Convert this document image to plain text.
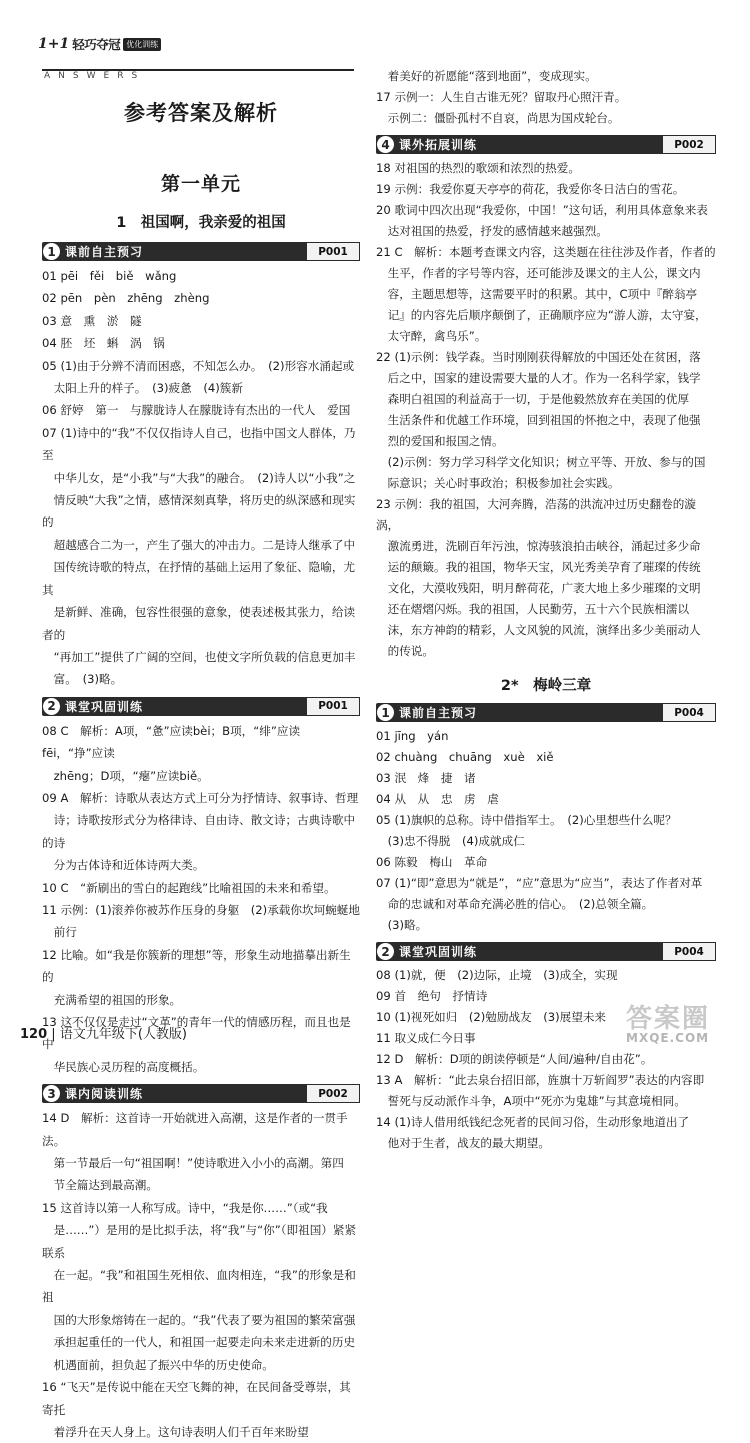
1+1 轻巧夺冠 优化训练
ANSWERS
参考答案及解析
第一单元
1　祖国啊，我亲爱的祖国
1 课前自主预习	P001
01 pēi　fěi　biě　wǎng
02 pēn　pèn　zhēng　zhèng
03 意　熏　淤　隧
04 胚　坯　蝌　涡　锅
05 (1)由于分辨不清而困惑，不知怎么办。　(2)形容水涌起或
　太阳上升的样子。　(3)疲惫　(4)簇新
06 舒婷　第一　与朦胧诗人在朦胧诗有杰出的一代人　爱国
07 (1)诗中的“我”不仅仅指诗人自己，也指中国文人群体，乃至
　中华儿女，是“小我”与“大我”的融合。　(2)诗人以“小我”之
　情反映“大我”之情，感情深刻真挚，将历史的纵深感和现实的
　超越感合二为一，产生了强大的冲击力。二是诗人继承了中
　国传统诗歌的特点，在抒情的基础上运用了象征、隐喻，尤其
　是新鲜、准确，包容性很强的意象，使表述极其张力，给读者的
　“再加工”提供了广阔的空间，也使文字所负载的信息更加丰
　富。　(3)略。
2 课堂巩固训练	P001
08 C　解析：A项，“惫”应读bèi；B项，“绯”应读fēi，“挣”应读
　zhēng；D项，“瘪”应读biě。
09 A　解析：诗歌从表达方式上可分为抒情诗、叙事诗、哲理
　诗；诗歌按形式分为格律诗、自由诗、散文诗；古典诗歌中的诗
　分为古体诗和近体诗两大类。
10 C　“新刷出的雪白的起跑线”比喻祖国的未来和希望。
11 示例：(1)滚养你被苏作压身的身躯　(2)承载你坎坷蜿蜒地
　前行
12 比喻。如“我是你簇新的理想”等，形象生动地描摹出新生的
　充满希望的祖国的形象。
13 这不仅仅是走过“文革”的青年一代的情感历程，而且也是中
　华民族心灵历程的高度概括。
3 课内阅读训练	P002
14 D　解析：这首诗一开始就进入高潮，这是作者的一贯手法。
　第一节最后一句“祖国啊！”使诗歌进入小小的高潮。第四
　节全篇达到最高潮。
15 这首诗以第一人称写成。诗中，“我是你……”（或“我
　是……”）是用的是比拟手法，将“我”与“你”（即祖国）紧紧联系
　在一起。“我”和祖国生死相依、血肉相连，“我”的形象是和祖
　国的大形象熔铸在一起的。“我”代表了要为祖国的繁荣富强
　承担起重任的一代人，和祖国一起要走向未来走进新的历史
　机遇面前，担负起了振兴中华的历史使命。
16 “飞天”是传说中能在天空飞舞的神，在民间备受尊崇，其寄托
　着浮升在天人身上。这句诗表明人们千百年来盼望
　着美好的祈愿能“落到地面”，变成现实。
17 示例一：人生自古谁无死？留取丹心照汗青。
　示例二：僵卧孤村不自哀，尚思为国戍轮台。
4 课外拓展训练	P002
18 对祖国的热烈的歌颂和浓烈的热爱。
19 示例：我爱你夏天亭亭的荷花，我爱你冬日洁白的雪花。
20 歌词中四次出现“我爱你，中国！”这句话，利用具体意象来表
　达对祖国的热爱，抒发的感情越来越强烈。
21 C　解析：本题考查课文内容，这类题在往往涉及作者，作者的
　生平，作者的字号等内容，还可能涉及课文的主人公，课文内
　容，主题思想等，这需要平时的积累。其中，C项中『醉翁亭
　记』的内容先后顺序颠倒了，正确顺序应为“游人游，太守宴，
　太守醉，禽鸟乐”。
22 (1)示例：钱学森。当时刚刚获得解放的中国还处在贫困，落
　后之中，国家的建设需要大量的人才。作为一名科学家，钱学
　森明白祖国的利益高于一切，于是他毅然放弃在美国的优厚
　生活条件和优越工作环境，回到祖国的怀抱之中，表现了他强
　烈的爱国和报国之情。
　(2)示例：努力学习科学文化知识；树立平等、开放、参与的国
　际意识；关心时事政治；积极参加社会实践。
23 示例：我的祖国，大河奔腾，浩荡的洪流冲过历史翻卷的漩涡，
　激流勇进，洗刷百年污浊，惊涛骇浪拍击峡谷，涌起过多少命
　运的颠簸。我的祖国，物华天宝，风光秀美孕育了璀璨的传统
　文化，大漠收残阳，明月醉荷花，广袤大地上多少璀璨的文明
　还在熠熠闪烁。我的祖国，人民勤劳，五十六个民族相濡以
　沫，东方神韵的精彩，人文风貌的风流，演绎出多少美丽动人
　的传说。
2*　梅岭三章
1 课前自主预习	P004
01 jīng　yán
02 chuàng　chuāng　xuè　xiě
03 泯　烽　捷　诸
04 从　从　忠　虏　虐
05 (1)旗帜的总称。诗中借指军士。　(2)心里想些什么呢？
　(3)忠不得脱　(4)成就成仁
06 陈毅　梅山　革命
07 (1)“即”意思为“就是”，“应”意思为“应当”，表达了作者对革
　命的忠诚和对革命充满必胜的信心。　(2)总领全篇。
　(3)略。
2 课堂巩固训练	P004
08 (1)就，便　(2)边际，止境　(3)成全，实现
09 首　绝句　抒情诗
10 (1)视死如归　(2)勉励战友　(3)展望未来
11 取义成仁今日事
12 D　解析：D项的朗读停顿是“人间/遍种/自由花”。
13 A　解析：“此去泉台招旧部，旌旗十万斩阎罗”表达的内容即
　誓死与反动派作斗争，A项中“死亦为鬼雄”与其意境相同。
14 (1)诗人借用纸钱纪念死者的民间习俗，生动形象地道出了
　他对于生者，战友的最大期望。
120 | 语文九年级下(人教版)
答案圈
MXQE.COM
